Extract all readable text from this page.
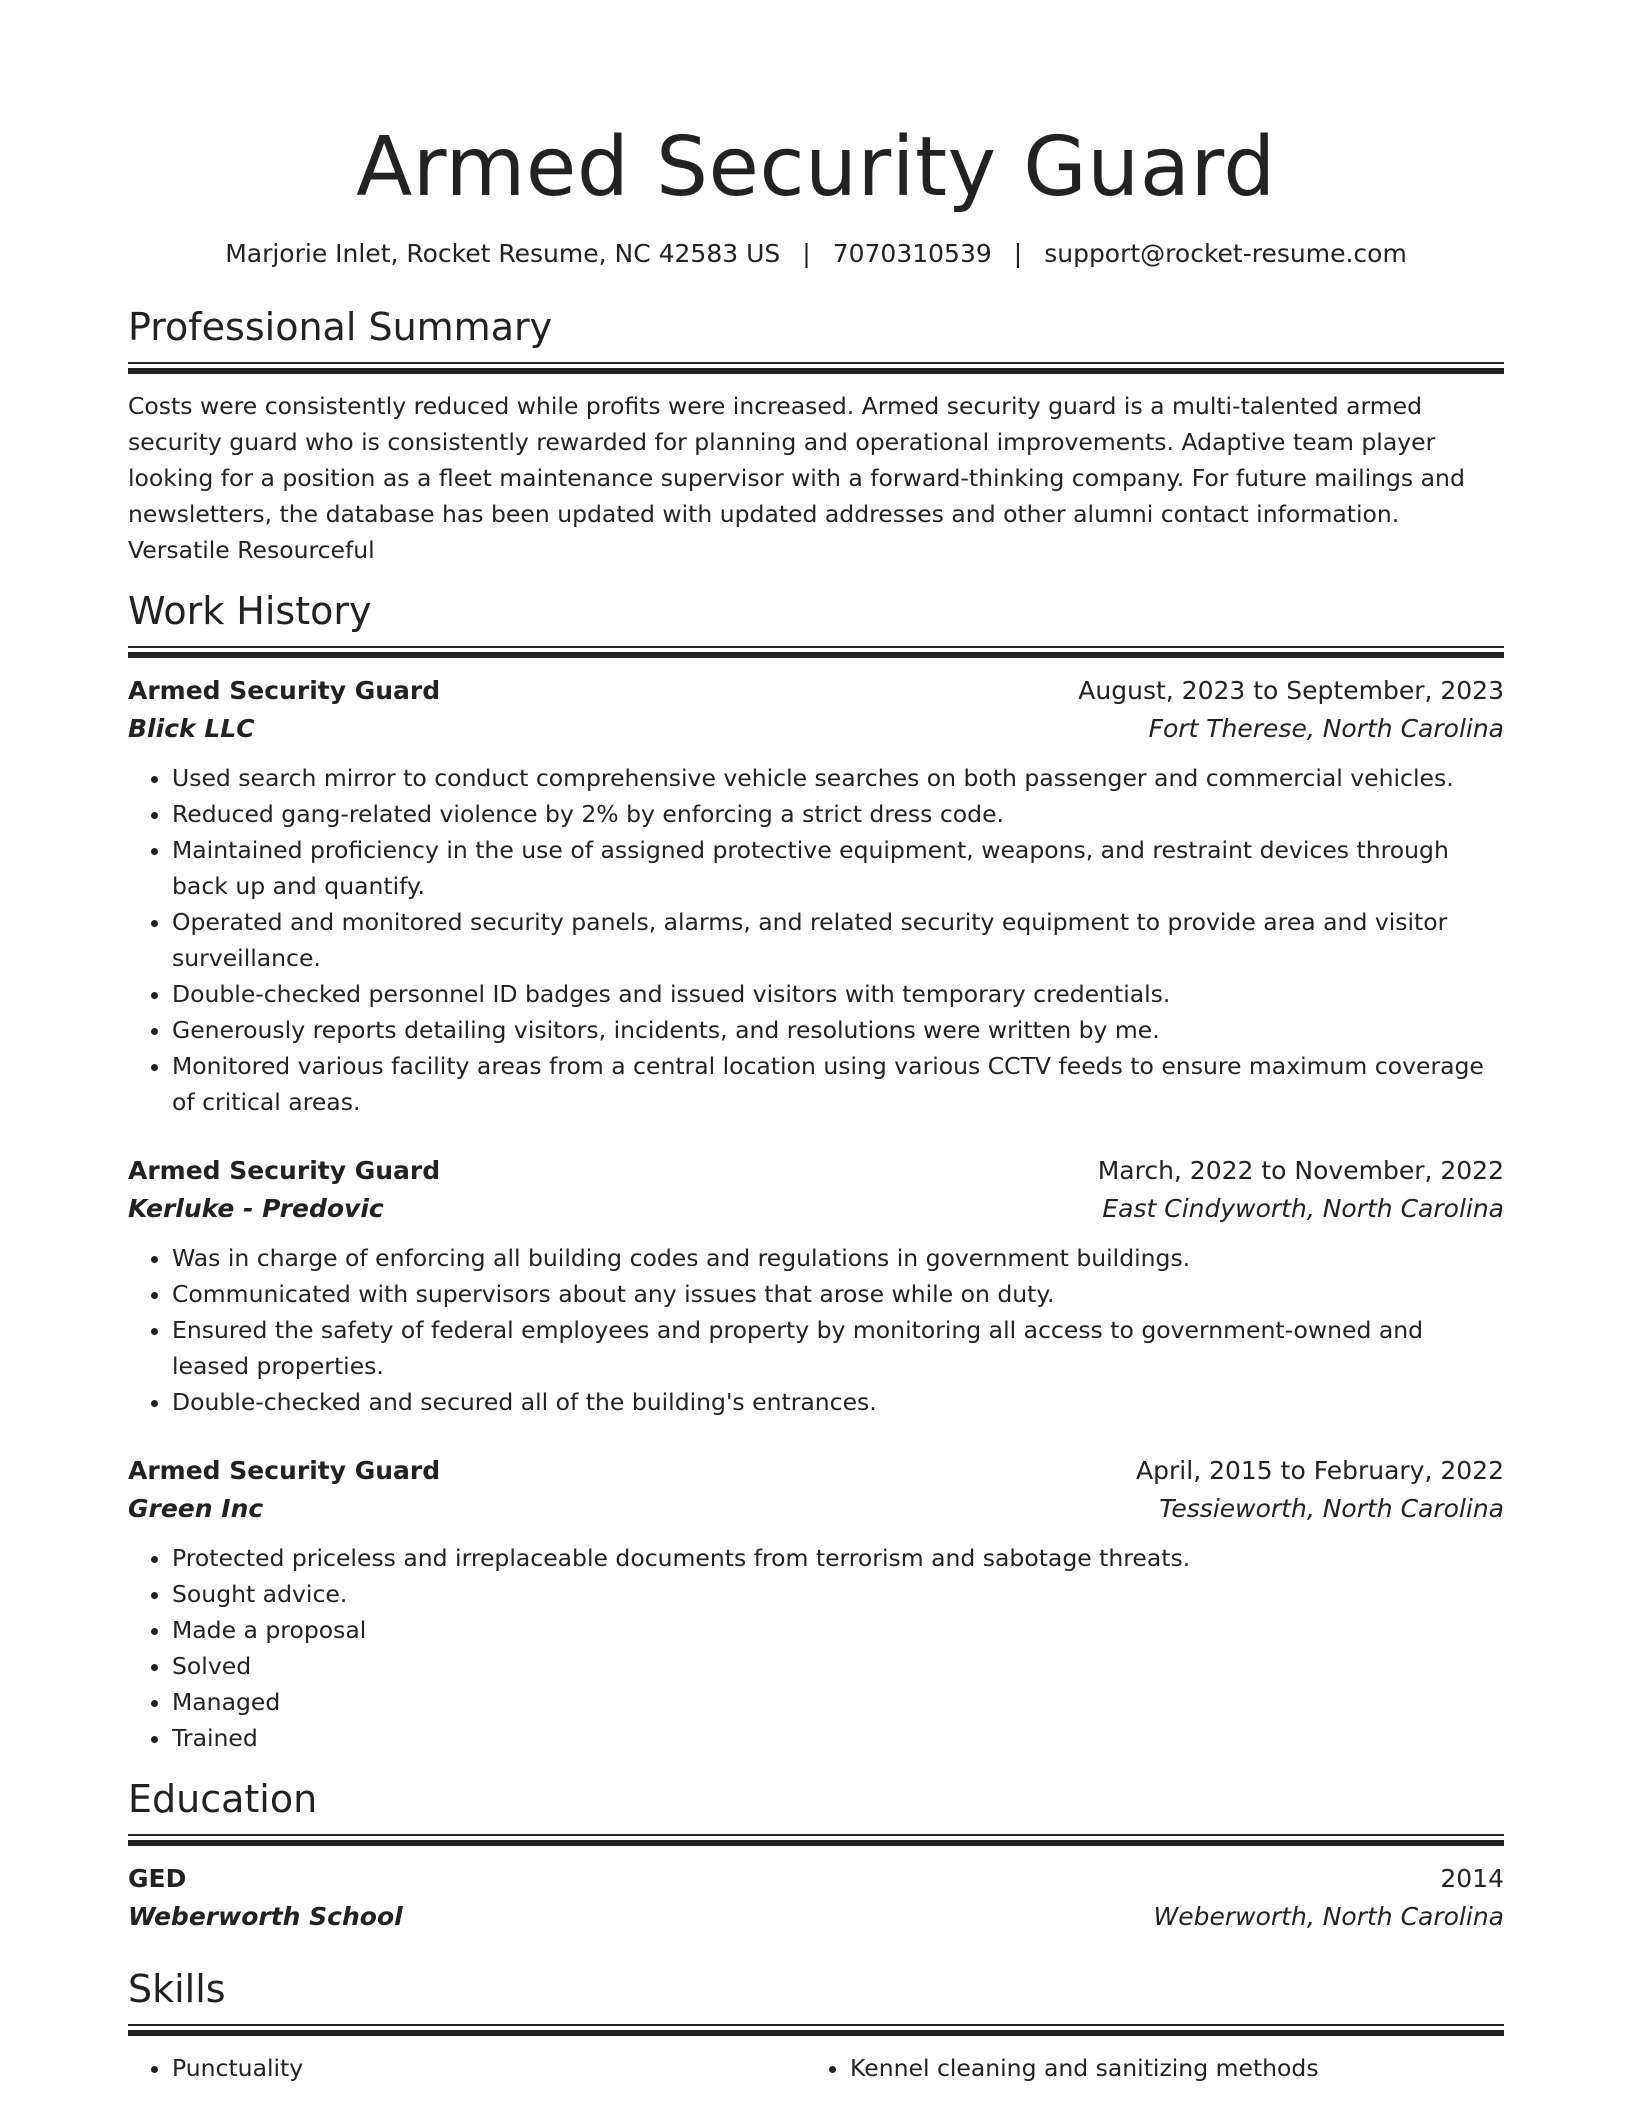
Armed Security Guard
Marjorie Inlet, Rocket Resume, NC 42583 US | 7070310539 | support@rocket-resume.com
Professional Summary
Costs were consistently reduced while profits were increased. Armed security guard is a multi-talented armed security guard who is consistently rewarded for planning and operational improvements. Adaptive team player looking for a position as a fleet maintenance supervisor with a forward-thinking company. For future mailings and newsletters, the database has been updated with updated addresses and other alumni contact information. Versatile Resourceful
Work History
Armed Security Guard	August, 2023 to September, 2023
Blick LLC	Fort Therese, North Carolina
• Used search mirror to conduct comprehensive vehicle searches on both passenger and commercial vehicles.
• Reduced gang-related violence by 2% by enforcing a strict dress code.
• Maintained proficiency in the use of assigned protective equipment, weapons, and restraint devices through back up and quantify.
• Operated and monitored security panels, alarms, and related security equipment to provide area and visitor surveillance.
• Double-checked personnel ID badges and issued visitors with temporary credentials.
• Generously reports detailing visitors, incidents, and resolutions were written by me.
• Monitored various facility areas from a central location using various CCTV feeds to ensure maximum coverage of critical areas.
Armed Security Guard	March, 2022 to November, 2022
Kerluke - Predovic	East Cindyworth, North Carolina
• Was in charge of enforcing all building codes and regulations in government buildings.
• Communicated with supervisors about any issues that arose while on duty.
• Ensured the safety of federal employees and property by monitoring all access to government-owned and leased properties.
• Double-checked and secured all of the building's entrances.
Armed Security Guard	April, 2015 to February, 2022
Green Inc	Tessieworth, North Carolina
• Protected priceless and irreplaceable documents from terrorism and sabotage threats.
• Sought advice.
• Made a proposal
• Solved
• Managed
• Trained
Education
GED	2014
Weberworth School	Weberworth, North Carolina
Skills
• Punctuality
•	Kennel cleaning and sanitizing methods
